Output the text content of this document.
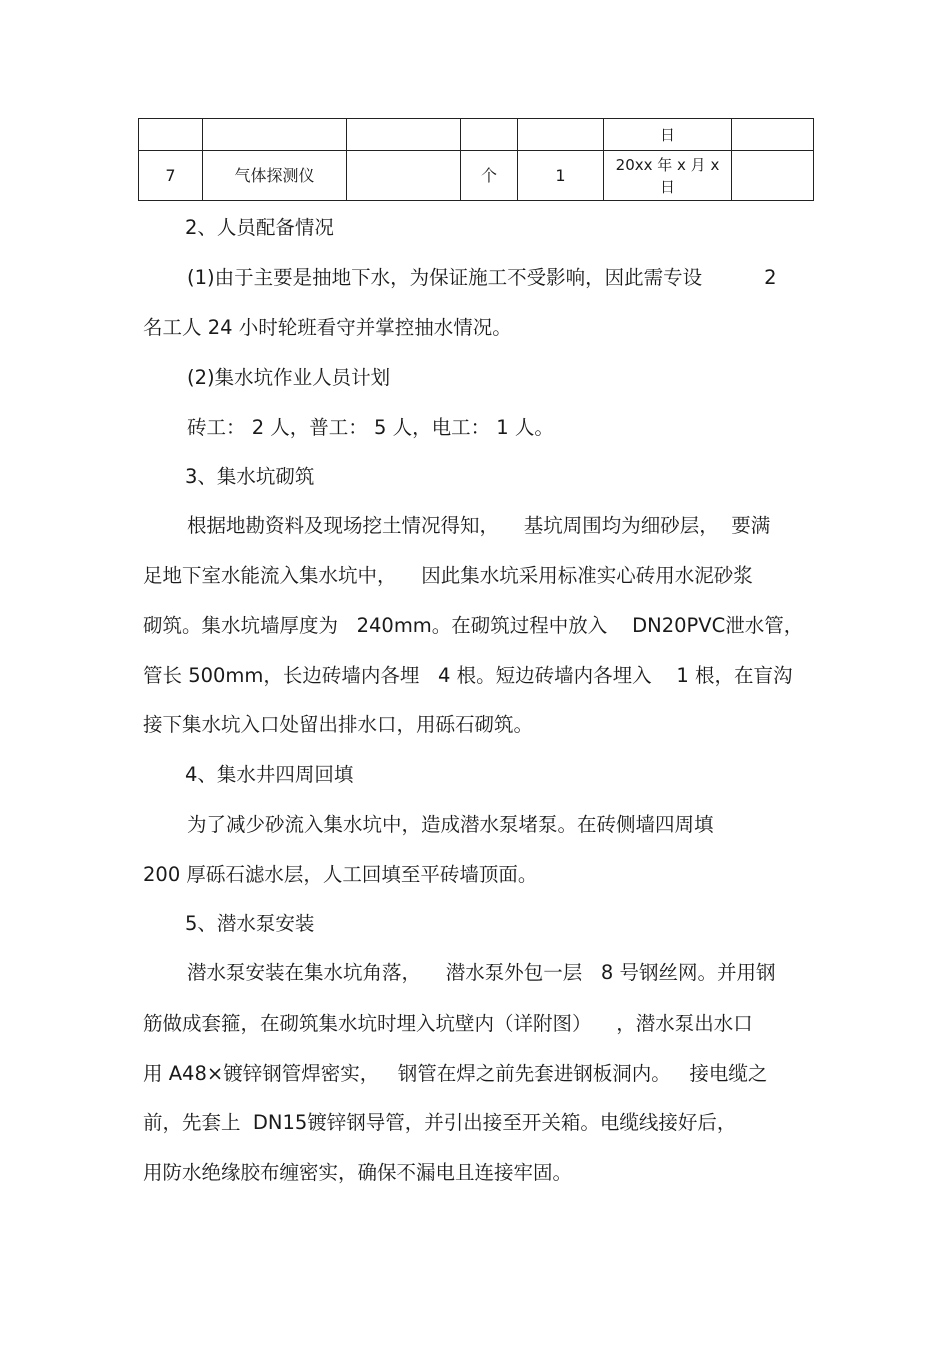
					日	
7	气体探测仪		个	1	20xx 年 x 月 x
日	

2、人员配备情况
(1)由于主要是抽地下水，为保证施工不受影响，因此需专设          2
名工人 24 小时轮班看守并掌控抽水情况。
(2)集水坑作业人员计划
砖工： 2 人，普工： 5 人，电工： 1 人。
3、集水坑砌筑
根据地勘资料及现场挖土情况得知，    基坑周围均为细砂层，  要满
足地下室水能流入集水坑中，    因此集水坑采用标准实心砖用水泥砂浆
砌筑。集水坑墙厚度为   240mm。在砌筑过程中放入    DN20PVC泄水管，
管长 500mm，长边砖墙内各埋   4 根。短边砖墙内各埋入    1 根，在盲沟
接下集水坑入口处留出排水口，用砾石砌筑。
4、集水井四周回填
为了减少砂流入集水坑中，造成潜水泵堵泵。在砖侧墙四周填
200 厚砾石滤水层，人工回填至平砖墙顶面。
5、潜水泵安装
潜水泵安装在集水坑角落，    潜水泵外包一层   8 号钢丝网。并用钢
筋做成套箍，在砌筑集水坑时埋入坑壁内（详附图）    ，潜水泵出水口
用 A48×镀锌钢管焊密实，   钢管在焊之前先套进钢板洞内。   接电缆之
前，先套上  DN15镀锌钢导管，并引出接至开关箱。电缆线接好后，
用防水绝缘胶布缠密实，确保不漏电且连接牢固。
